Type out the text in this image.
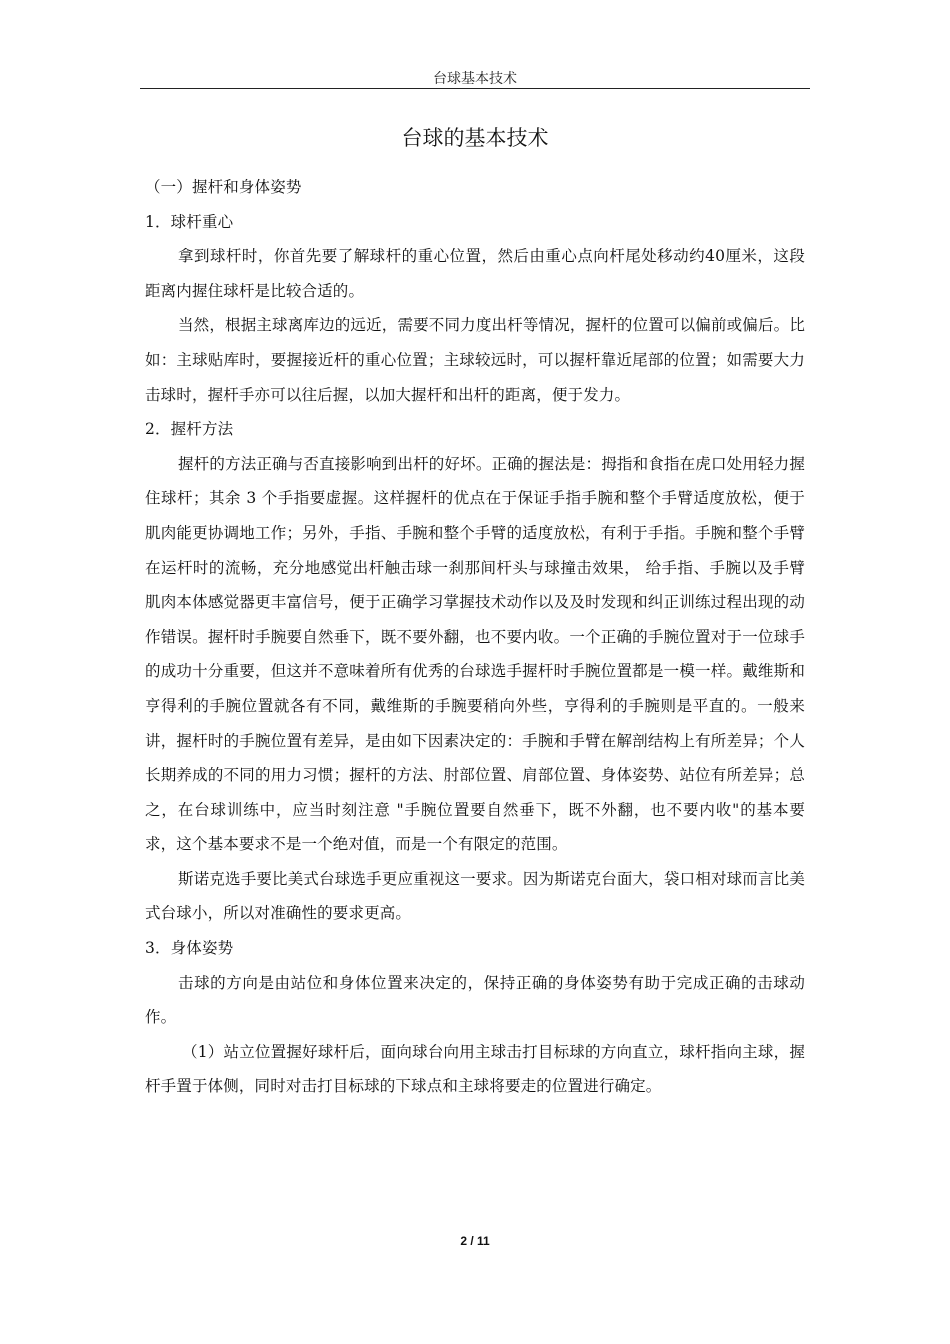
台球基本技术
台球的基本技术

（一）握杆和身体姿势

1．球杆重心

拿到球杆时，你首先要了解球杆的重心位置，然后由重心点向杆尾处移动约40厘米，这段距离内握住球杆是比较合适的。

当然，根据主球离库边的远近，需要不同力度出杆等情况，握杆的位置可以偏前或偏后。比如：主球贴库时，要握接近杆的重心位置；主球较远时，可以握杆靠近尾部的位置；如需要大力击球时，握杆手亦可以往后握，以加大握杆和出杆的距离，便于发力。

2．握杆方法

握杆的方法正确与否直接影响到出杆的好坏。正确的握法是：拇指和食指在虎口处用轻力握住球杆；其余 3 个手指要虚握。这样握杆的优点在于保证手指手腕和整个手臂适度放松，便于肌肉能更协调地工作；另外，手指、手腕和整个手臂的适度放松，有利于手指。手腕和整个手臂在运杆时的流畅，充分地感觉出杆触击球一刹那间杆头与球撞击效果， 给手指、手腕以及手臂肌肉本体感觉器更丰富信号，便于正确学习掌握技术动作以及及时发现和纠正训练过程出现的动作错误。握杆时手腕要自然垂下，既不要外翻，也不要内收。一个正确的手腕位置对于一位球手的成功十分重要，但这并不意味着所有优秀的台球选手握杆时手腕位置都是一模一样。戴维斯和亨得利的手腕位置就各有不同，戴维斯的手腕要稍向外些，亨得利的手腕则是平直的。一般来讲，握杆时的手腕位置有差异，是由如下因素决定的：手腕和手臂在解剖结构上有所差异；个人长期养成的不同的用力习惯；握杆的方法、肘部位置、肩部位置、身体姿势、站位有所差异；总之，在台球训练中，应当时刻注意 "手腕位置要自然垂下，既不外翻，也不要内收"的基本要求，这个基本要求不是一个绝对值，而是一个有限定的范围。

斯诺克选手要比美式台球选手更应重视这一要求。因为斯诺克台面大，袋口相对球而言比美式台球小，所以对准确性的要求更高。

3．身体姿势

击球的方向是由站位和身体位置来决定的，保持正确的身体姿势有助于完成正确的击球动作。

（1）站立位置握好球杆后，面向球台向用主球击打目标球的方向直立，球杆指向主球，握杆手置于体侧，同时对击打目标球的下球点和主球将要走的位置进行确定。

2 / 11
